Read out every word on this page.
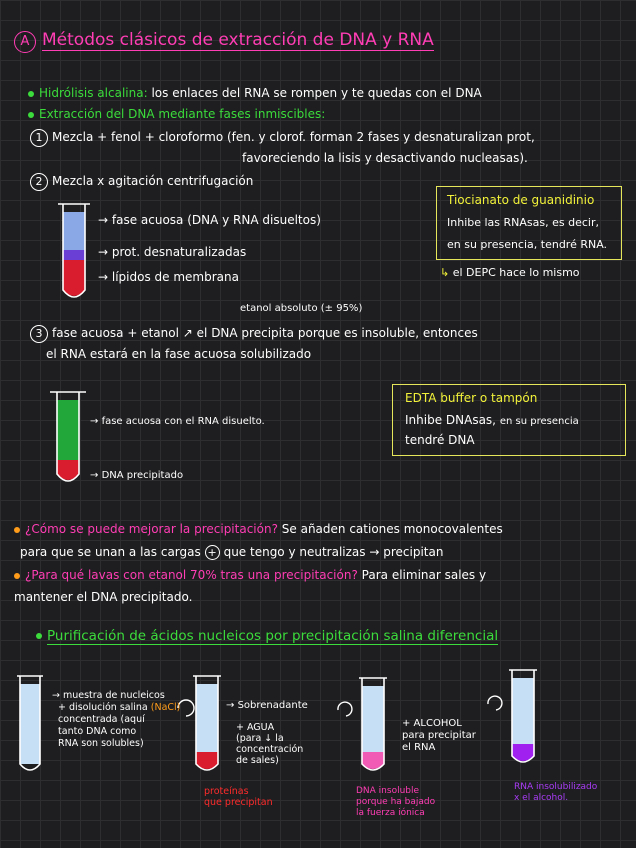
A Métodos clásicos de extracción de DNA y RNA
Hidrólisis alcalina: los enlaces del RNA se rompen y te quedas con el DNA
Extracción del DNA mediante fases inmiscibles:
1 Mezcla + fenol + cloroformo (fen. y clorof. forman 2 fases y desnaturalizan prot,
favoreciendo la lisis y desactivando nucleasas).
2 Mezcla x agitación centrifugación
→ fase acuosa (DNA y RNA disueltos)
→ prot. desnaturalizadas
→ lípidos de membrana
Tiocianato de guanidinio
Inhibe las RNAsas, es decir,
en su presencia, tendré RNA.
↳ el DEPC hace lo mismo
etanol absoluto (± 95%)
3 fase acuosa + etanol ↗ el DNA precipita porque es insoluble, entonces
el RNA estará en la fase acuosa solubilizado
→ fase acuosa con el RNA disuelto.
→ DNA precipitado
EDTA buffer o tampón
Inhibe DNAsas, en su presencia
tendré DNA
¿Cómo se puede mejorar la precipitación? Se añaden cationes monocovalentes
para que se unan a las cargas + que tengo y neutralizas → precipitan
¿Para qué lavas con etanol 70% tras una precipitación? Para eliminar sales y
mantener el DNA precipitado.
Purificación de ácidos nucleicos por precipitación salina diferencial
→ muestra de nucleicos
+ disolución salina (NaCl)
concentrada (aquí
tanto DNA como
RNA son solubles)
→ Sobrenadante
+ AGUA
(para ↓ la
concentración
de sales)
proteínas
que precipitan
+ ALCOHOL
para precipitar
el RNA
DNA insoluble
porque ha bajado
la fuerza iónica
RNA insolubilizado
x el alcohol.
